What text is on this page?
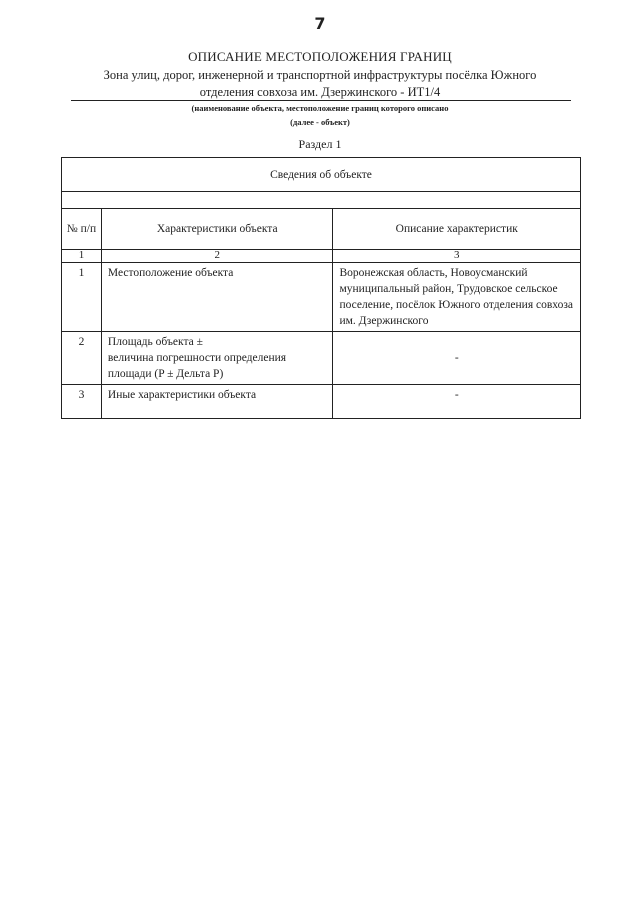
7
ОПИСАНИЕ МЕСТОПОЛОЖЕНИЯ ГРАНИЦ
Зона улиц, дорог, инженерной и транспортной инфраструктуры посёлка Южного отделения совхоза им. Дзержинского - ИТ1/4
(наименование объекта, местоположение границ которого описано
(далее - объект)
Раздел 1
Сведения об объекте		

№ п/п	Характеристики объекта	Описание характеристик
1	2	3
1	Местоположение объекта	Воронежская область, Новоусманский муниципальный район, Трудовское сельское поселение, посёлок Южного отделения совхоза им. Дзержинского
2	Площадь объекта ±
величина погрешности определения площади (P ± Дельта P)	-
3	Иные характеристики объекта	-
